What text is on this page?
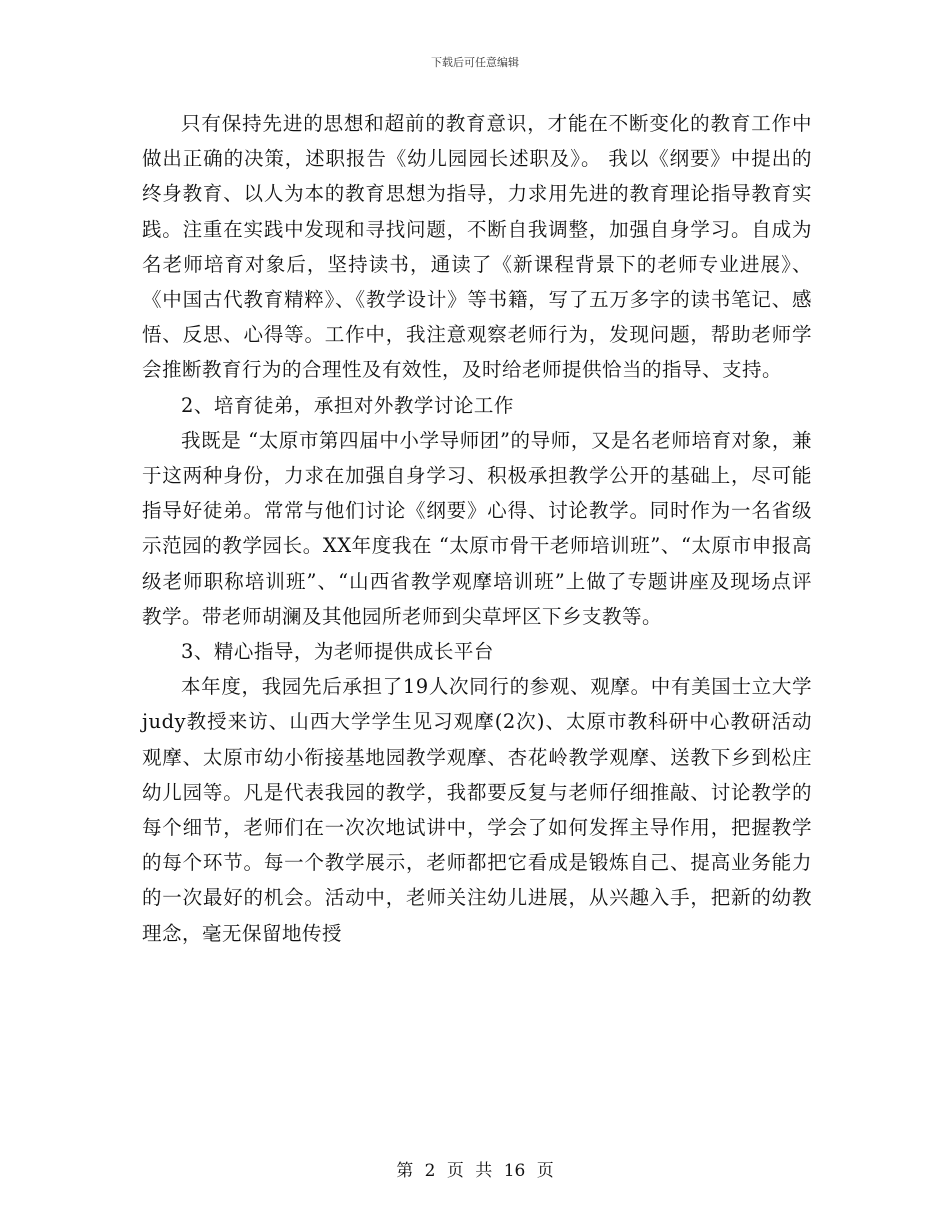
下载后可任意编辑

只有保持先进的思想和超前的教育意识，才能在不断变化的教育工作中做出正确的决策，述职报告《幼儿园园长述职及》。 我以《纲要》中提出的终身教育、以人为本的教育思想为指导，力求用先进的教育理论指导教育实践。注重在实践中发现和寻找问题，不断自我调整，加强自身学习。自成为名老师培育对象后，坚持读书，通读了《新课程背景下的老师专业进展》、《中国古代教育精粹》、《教学设计》等书籍，写了五万多字的读书笔记、感悟、反思、心得等。工作中，我注意观察老师行为，发现问题，帮助老师学会推断教育行为的合理性及有效性，及时给老师提供恰当的指导、支持。

2、培育徒弟，承担对外教学讨论工作

我既是 “太原市第四届中小学导师团”的导师，又是名老师培育对象，兼于这两种身份，力求在加强自身学习、积极承担教学公开的基础上，尽可能指导好徒弟。常常与他们讨论《纲要》心得、讨论教学。同时作为一名省级示范园的教学园长。XX年度我在 “太原市骨干老师培训班”、“太原市申报高级老师职称培训班”、“山西省教学观摩培训班”上做了专题讲座及现场点评教学。带老师胡澜及其他园所老师到尖草坪区下乡支教等。

3、精心指导，为老师提供成长平台

本年度，我园先后承担了19人次同行的参观、观摩。中有美国士立大学judy教授来访、山西大学学生见习观摩(2次)、太原市教科研中心教研活动观摩、太原市幼小衔接基地园教学观摩、杏花岭教学观摩、送教下乡到松庄幼儿园等。凡是代表我园的教学，我都要反复与老师仔细推敲、讨论教学的每个细节，老师们在一次次地试讲中，学会了如何发挥主导作用，把握教学的每个环节。每一个教学展示，老师都把它看成是锻炼自己、提高业务能力的一次最好的机会。活动中，老师关注幼儿进展，从兴趣入手，把新的幼教理念，毫无保留地传授

第 2 页 共 16 页
